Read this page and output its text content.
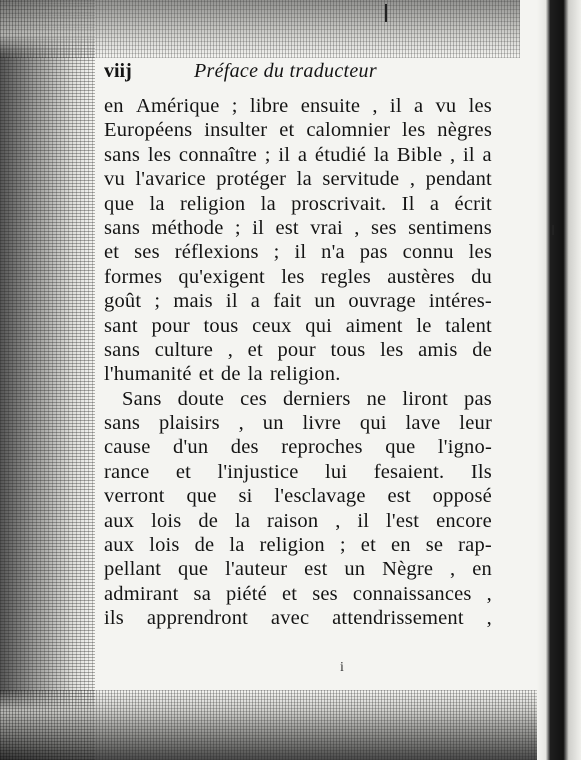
viij	Préface du traducteur
en Amérique ; libre ensuite , il a vu les
Européens insulter et calomnier les nègres
sans les connaître ; il a étudié la Bible , il a
vu l'avarice protéger la servitude , pendant
que la religion la proscrivait. Il a écrit
sans méthode ; il est vrai , ses sentimens
et ses réflexions ; il n'a pas connu les
formes qu'exigent les regles austères du
goût ; mais il a fait un ouvrage intéres-
sant pour tous ceux qui aiment le talent
sans culture , et pour tous les amis de
l'humanité et de la religion.
Sans doute ces derniers ne liront pas
sans plaisirs , un livre qui lave leur
cause d'un des reproches que l'igno-
rance et l'injustice lui fesaient. Ils
verront que si l'esclavage est opposé
aux lois de la raison , il l'est encore
aux lois de la religion ; et en se rap-
pellant que l'auteur est un Nègre , en
admirant sa piété et ses connaissances ,
ils apprendront avec attendrissement ,
i
